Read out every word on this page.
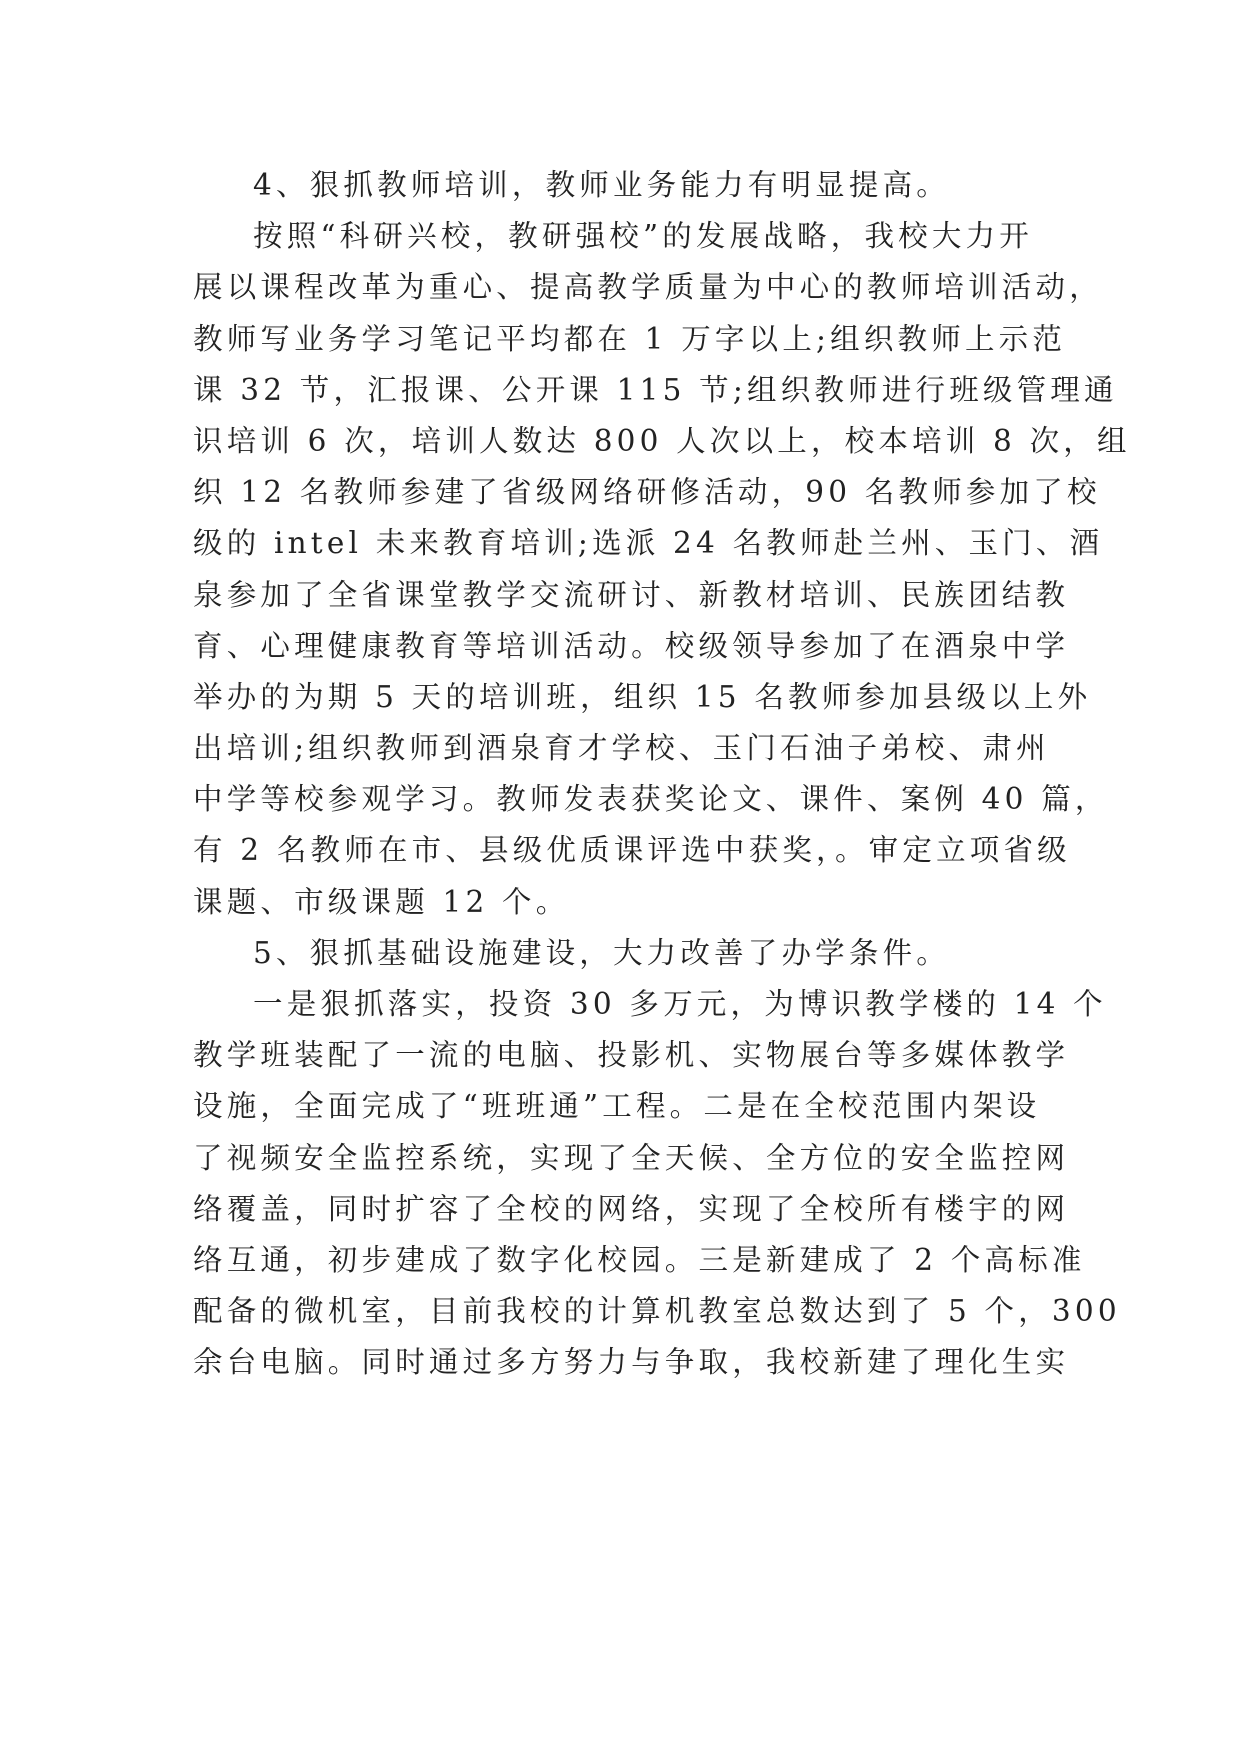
4、狠抓教师培训，教师业务能力有明显提高。
按照“科研兴校，教研强校”的发展战略，我校大力开
展以课程改革为重心、提高教学质量为中心的教师培训活动，
教师写业务学习笔记平均都在 1 万字以上;组织教师上示范
课 32 节，汇报课、公开课 115 节;组织教师进行班级管理通
识培训 6 次，培训人数达 800 人次以上，校本培训 8 次，组
织 12 名教师参建了省级网络研修活动，90 名教师参加了校
级的 intel 未来教育培训;选派 24 名教师赴兰州、玉门、酒
泉参加了全省课堂教学交流研讨、新教材培训、民族团结教
育、心理健康教育等培训活动。校级领导参加了在酒泉中学
举办的为期 5 天的培训班，组织 15 名教师参加县级以上外
出培训;组织教师到酒泉育才学校、玉门石油子弟校、肃州
中学等校参观学习。教师发表获奖论文、课件、案例 40 篇，
有 2 名教师在市、县级优质课评选中获奖，。审定立项省级
课题、市级课题 12 个。
5、狠抓基础设施建设，大力改善了办学条件。
一是狠抓落实，投资 30 多万元，为博识教学楼的 14 个
教学班装配了一流的电脑、投影机、实物展台等多媒体教学
设施，全面完成了“班班通”工程。二是在全校范围内架设
了视频安全监控系统，实现了全天候、全方位的安全监控网
络覆盖，同时扩容了全校的网络，实现了全校所有楼宇的网
络互通，初步建成了数字化校园。三是新建成了 2 个高标准
配备的微机室，目前我校的计算机教室总数达到了 5 个，300
余台电脑。同时通过多方努力与争取，我校新建了理化生实
